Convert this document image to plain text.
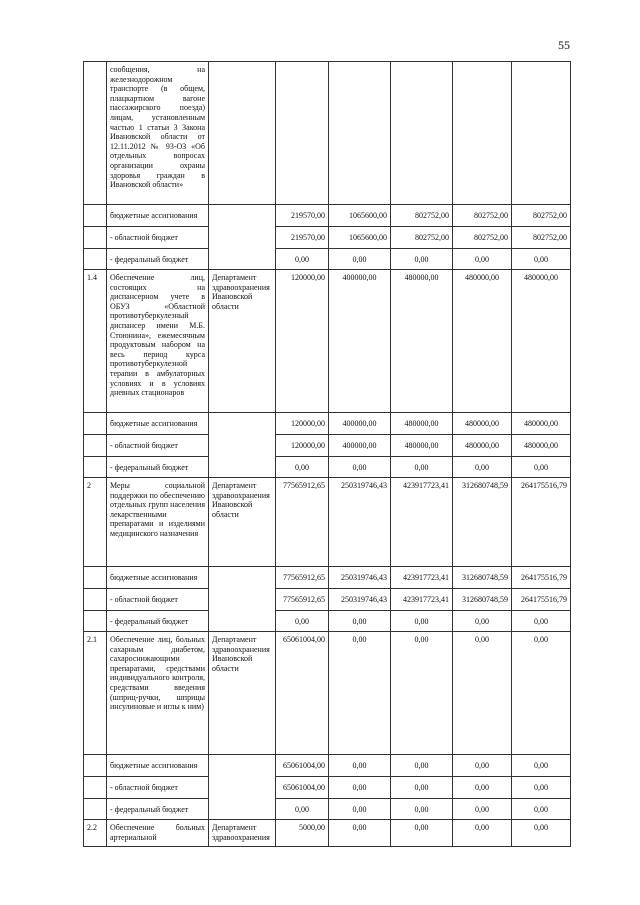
55
	сообщения, на железнодорожном транспорте (в общем, плацкартном вагоне пассажирского поезда) лицам, установленным частью 1 статьи 3 Закона Ивановской области от 12.11.2012 № 93-ОЗ «Об отдельных вопросах организации охраны здоровья граждан в Ивановской области»						
	бюджетные ассигнования		219570,00	1065600,00	802752,00	802752,00	802752,00
	- областной бюджет		219570,00	1065600,00	802752,00	802752,00	802752,00
	- федеральный бюджет		0,00	0,00	0,00	0,00	0,00
1.4	Обеспечение лиц, состоящих на диспансерном учете в ОБУЗ «Областной противотуберкулезный диспансер имени М.Б. Стоюнина», ежемесячным продуктовым набором на весь период курса противотуберкулезной терапии в амбулаторных условиях и в условиях дневных стационаров	Департамент здравоохранения Ивановской области	120000,00	400000,00	480000,00	480000,00	480000,00
	бюджетные ассигнования		120000,00	400000,00	480000,00	480000,00	480000,00
	- областной бюджет		120000,00	400000,00	480000,00	480000,00	480000,00
	- федеральный бюджет		0,00	0,00	0,00	0,00	0,00
2	Меры социальной поддержки по обеспечению отдельных групп населения лекарственными препаратами и изделиями медицинского назначения	Департамент здравоохранения Ивановской области	77565912,65	250319746,43	423917723,41	312680748,59	264175516,79
	бюджетные ассигнования		77565912,65	250319746,43	423917723,41	312680748,59	264175516,79
	- областной бюджет		77565912,65	250319746,43	423917723,41	312680748,59	264175516,79
	- федеральный бюджет		0,00	0,00	0,00	0,00	0,00
2.1	Обеспечение лиц, больных сахарным диабетом, сахароснижающими препаратами, средствами индивидуального контроля, средствами введения (шприц-ручки, шприцы инсулиновые и иглы к ним)	Департамент здравоохранения Ивановской области	65061004,00	0,00	0,00	0,00	0,00
	бюджетные ассигнования		65061004,00	0,00	0,00	0,00	0,00
	- областной бюджет		65061004,00	0,00	0,00	0,00	0,00
	- федеральный бюджет		0,00	0,00	0,00	0,00	0,00
2.2	Обеспечение больных артериальной	Департамент здравоохранения	5000,00	0,00	0,00	0,00	0,00
